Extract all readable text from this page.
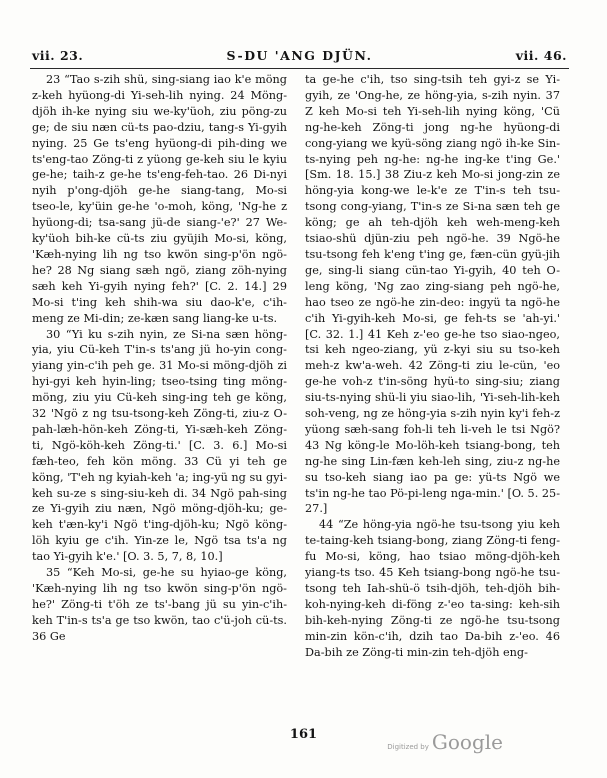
vii. 23.	S-DU 'ANG DJÜN.	vii. 46.

23 “Tao s-zih shü, sing-siang iao k'e möng z-keh hyüong-di Yi-seh-lih nying. 24 Möng-djöh ih-ke nying siu we-ky'üoh, ziu pöng-zu ge; de siu næn cü-ts pao-dziu, tang-s Yi-gyih nying. 25 Ge ts'eng hyüong-di pih-ding we ts'eng-tao Zöng-ti z yüong ge-keh siu le kyiu ge-he; taih-z ge-he ts'eng-feh-tao. 26 Di-nyi nyih p'ong-djöh ge-he siang-tang, Mo-si tseo-le, ky'üin ge-he 'o-moh, köng, 'Ng-he z hyüong-di; tsa-sang jü-de siang-'e?' 27 We-ky'üoh bih-ke cü-ts ziu gyüjih Mo-si, köng, 'Kæh-nying lih ng tso kwön sing-p'ön ngö-he? 28 Ng siang sæh ngö, ziang zöh-nying sæh keh Yi-gyih nying feh?' [C. 2. 14.] 29 Mo-si t'ing keh shih-wa siu dao-k'e, c'ih-meng ze Mi-din; ze-kæn sang liang-ke u-ts.

30 “Yi ku s-zih nyin, ze Si-na sæn höng-yia, yiu Cü-keh T'in-s ts'ang jü ho-yin cong-yiang yin-c'ih peh ge. 31 Mo-si möng-djöh zi hyi-gyi keh hyin-ling; tseo-tsing ting möng-möng, ziu yiu Cü-keh sing-ing teh ge köng, 32 'Ngö z ng tsu-tsong-keh Zöng-ti, ziu-z O-pah-læh-hön-keh Zöng-ti, Yi-sæh-keh Zöng-ti, Ngö-köh-keh Zöng-ti.' [C. 3. 6.] Mo-si fæh-teo, feh kön möng. 33 Cü yi teh ge köng, 'T'eh ng kyiah-keh 'a; ing-yü ng su gyi-keh su-ze s sing-siu-keh di. 34 Ngö pah-sing ze Yi-gyih ziu næn, Ngö möng-djöh-ku; ge-keh t'æn-ky'i Ngö t'ing-djöh-ku; Ngö köng-löh kyiu ge c'ih. Yin-ze le, Ngö tsa ts'a ng tao Yi-gyih k'e.' [O. 3. 5, 7, 8, 10.]

35 “Keh Mo-si, ge-he su hyiao-ge köng, 'Kæh-nying lih ng tso kwön sing-p'ön ngö-he?' Zöng-ti t'öh ze ts'-bang jü su yin-c'ih-keh T'in-s ts'a ge tso kwön, tao c'ü-joh cü-ts. 36 Ge

ta ge-he c'ih, tso sing-tsih teh gyi-z se Yi-gyih, ze 'Ong-he, ze höng-yia, s-zih nyin. 37 Z keh Mo-si teh Yi-seh-lih nying köng, 'Cü ng-he-keh Zöng-ti jong ng-he hyüong-di cong-yiang we kyü-söng ziang ngö ih-ke Sin-ts-nying peh ng-he: ng-he ing-ke t'ing Ge.' [Sm. 18. 15.] 38 Ziu-z keh Mo-si jong-zin ze höng-yia kong-we le-k'e ze T'in-s teh tsu-tsong cong-yiang, T'in-s ze Si-na sæn teh ge köng; ge ah teh-djöh keh weh-meng-keh tsiao-shü djün-ziu peh ngö-he. 39 Ngö-he tsu-tsong feh k'eng t'ing ge, fæn-cün gyü-jih ge, sing-li siang cün-tao Yi-gyih, 40 teh O-leng köng, 'Ng zao zing-siang peh ngö-he, hao tseo ze ngö-he zin-deo: ingyü ta ngö-he c'ih Yi-gyih-keh Mo-si, ge feh-ts se 'ah-yi.' [C. 32. 1.] 41 Keh z-'eo ge-he tso siao-ngeo, tsi keh ngeo-ziang, yü z-kyi siu su tso-keh meh-z kw'a-weh. 42 Zöng-ti ziu le-cün, 'eo ge-he voh-z t'in-söng hyü-to sing-siu; ziang siu-ts-nying shü-li yiu siao-lih, 'Yi-seh-lih-keh soh-veng, ng ze höng-yia s-zih nyin ky'i feh-z yüong sæh-sang foh-li teh li-veh le tsi Ngö? 43 Ng köng-le Mo-löh-keh tsiang-bong, teh ng-he sing Lin-fæn keh-leh sing, ziu-z ng-he su tso-keh siang iao pa ge: yü-ts Ngö we ts'in ng-he tao Pö-pi-leng nga-min.' [O. 5. 25-27.]

44 “Ze höng-yia ngö-he tsu-tsong yiu keh te-taing-keh tsiang-bong, ziang Zöng-ti feng-fu Mo-si, köng, hao tsiao möng-djöh-keh yiang-ts tso. 45 Keh tsiang-bong ngö-he tsu-tsong teh Iah-shü-ö tsih-djöh, teh-djöh bih-koh-nying-keh di-föng z-'eo ta-sing: keh-sih bih-keh-nying Zöng-ti ze ngö-he tsu-tsong min-zin kön-c'ih, dzih tao Da-bih z-'eo. 46 Da-bih ze Zöng-ti min-zin teh-djöh eng-

161
Digitized by Google
